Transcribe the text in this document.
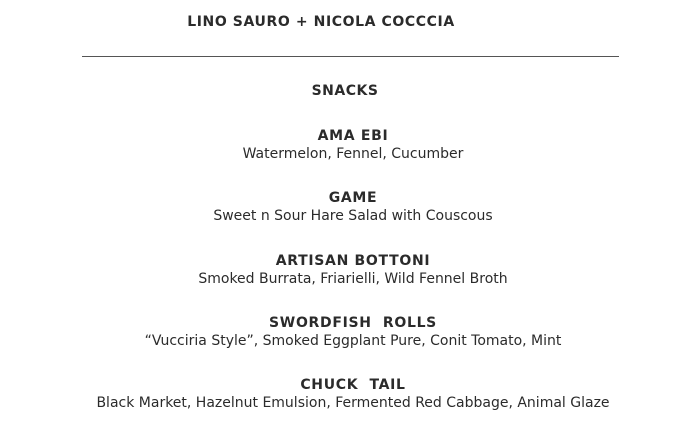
LINO SAURO + NICOLA COCCCIA
SNACKS
AMA EBI
Watermelon, Fennel, Cucumber
GAME
Sweet n Sour Hare Salad with Couscous
ARTISAN BOTTONI
Smoked Burrata, Friarielli, Wild Fennel Broth
SWORDFISH  ROLLS
“Vucciria Style”, Smoked Eggplant Pure, Conit Tomato, Mint
CHUCK  TAIL
Black Market, Hazelnut Emulsion, Fermented Red Cabbage, Animal Glaze
